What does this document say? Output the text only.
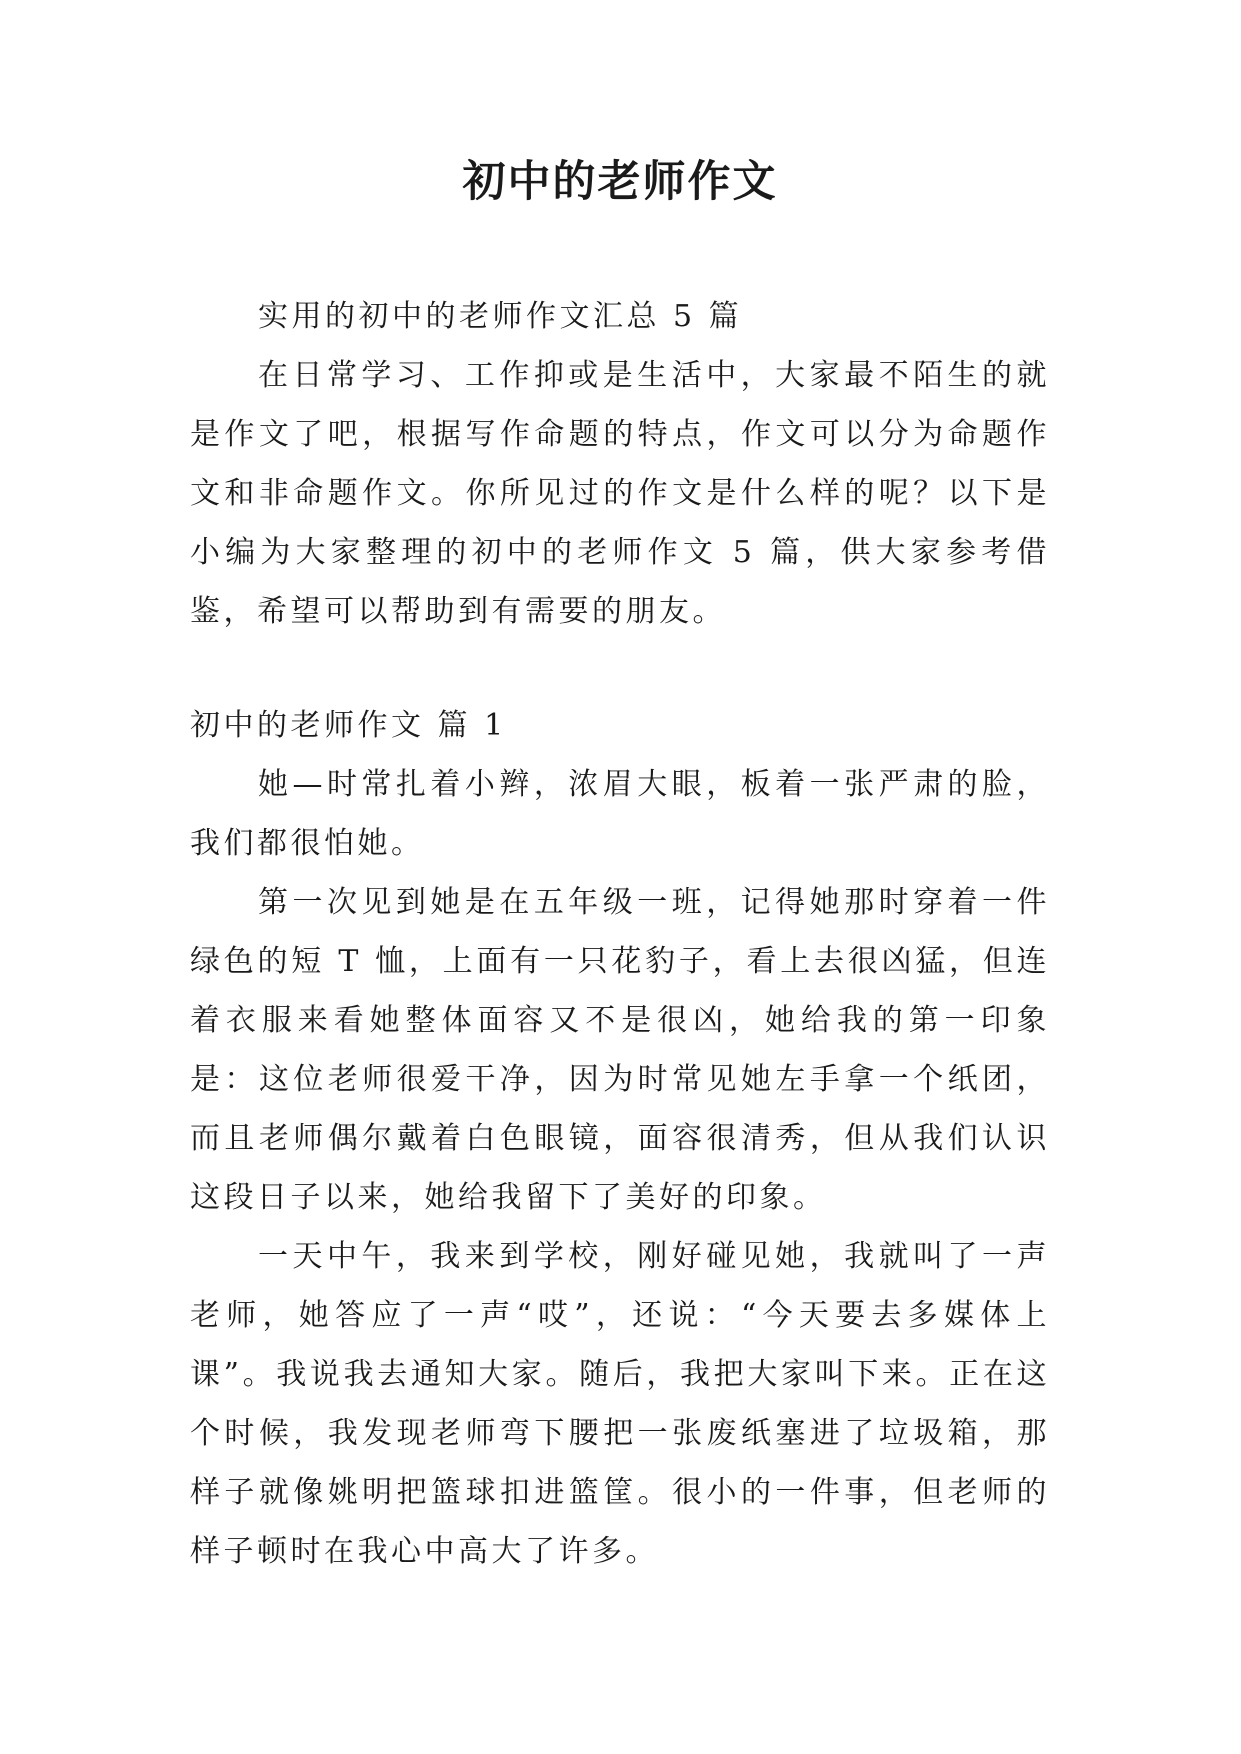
初中的老师作文

实用的初中的老师作文汇总 5 篇

在日常学习、工作抑或是生活中，大家最不陌生的就是作文了吧，根据写作命题的特点，作文可以分为命题作文和非命题作文。你所见过的作文是什么样的呢？以下是小编为大家整理的初中的老师作文 5 篇，供大家参考借鉴，希望可以帮助到有需要的朋友。

初中的老师作文 篇 1

她—时常扎着小辫，浓眉大眼，板着一张严肃的脸，我们都很怕她。

第一次见到她是在五年级一班，记得她那时穿着一件绿色的短 T 恤，上面有一只花豹子，看上去很凶猛，但连着衣服来看她整体面容又不是很凶，她给我的第一印象是：这位老师很爱干净，因为时常见她左手拿一个纸团，而且老师偶尔戴着白色眼镜，面容很清秀，但从我们认识这段日子以来，她给我留下了美好的印象。

一天中午，我来到学校，刚好碰见她，我就叫了一声老师，她答应了一声“哎”，还说：“今天要去多媒体上课”。我说我去通知大家。随后，我把大家叫下来。正在这个时候，我发现老师弯下腰把一张废纸塞进了垃圾箱，那样子就像姚明把篮球扣进篮筐。很小的一件事，但老师的样子顿时在我心中高大了许多。
